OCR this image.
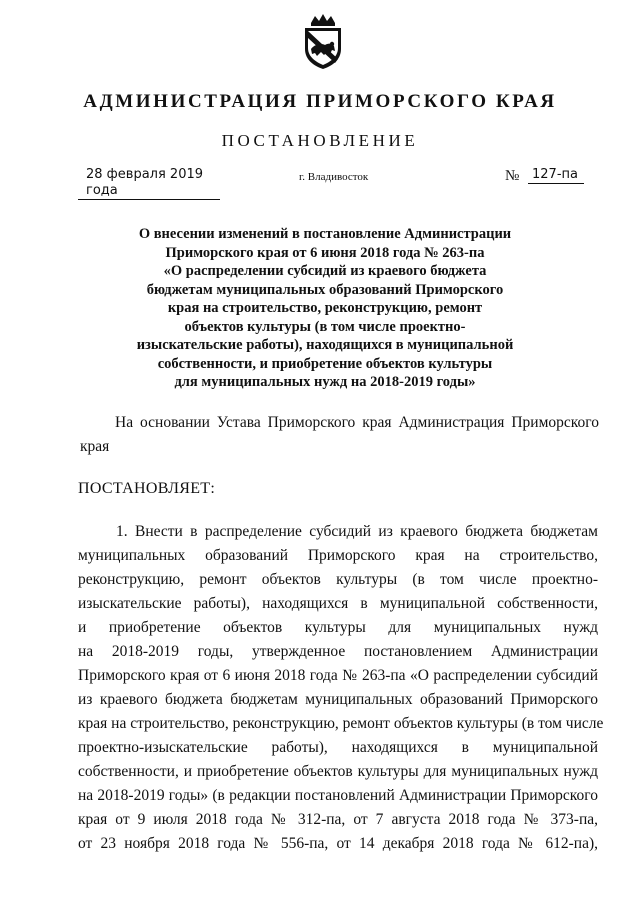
АДМИНИСТРАЦИЯ ПРИМОРСКОГО КРАЯ
ПОСТАНОВЛЕНИЕ
28 февраля 2019 года
г. Владивосток	№ 127-па
О внесении изменений в постановление Администрации
Приморского края от 6 июня 2018 года № 263-па
«О распределении субсидий из краевого бюджета
бюджетам муниципальных образований Приморского
края на строительство, реконструкцию, ремонт
объектов культуры (в том числе проектно-
изыскательские работы), находящихся в муниципальной
собственности, и приобретение объектов культуры
для муниципальных нужд на 2018-2019 годы»
На основании Устава Приморского края Администрация Приморского
края
ПОСТАНОВЛЯЕТ:
1. Внести в распределение субсидий из краевого бюджета бюджетам
муниципальных образований Приморского края на строительство,
реконструкцию, ремонт объектов культуры (в том числе проектно-
изыскательские работы), находящихся в муниципальной собственности,
и приобретение объектов культуры для муниципальных нужд
на 2018-2019 годы, утвержденное постановлением Администрации
Приморского края от 6 июня 2018 года № 263-па «О распределении субсидий
из краевого бюджета бюджетам муниципальных образований Приморского
края на строительство, реконструкцию, ремонт объектов культуры (в том числе
проектно-изыскательские работы), находящихся в муниципальной
собственности, и приобретение объектов культуры для муниципальных нужд
на 2018-2019 годы» (в редакции постановлений Администрации Приморского
края от 9 июля 2018 года № 312-па, от 7 августа 2018 года № 373-па,
от 23 ноября 2018 года № 556-па, от 14 декабря 2018 года № 612-па),
